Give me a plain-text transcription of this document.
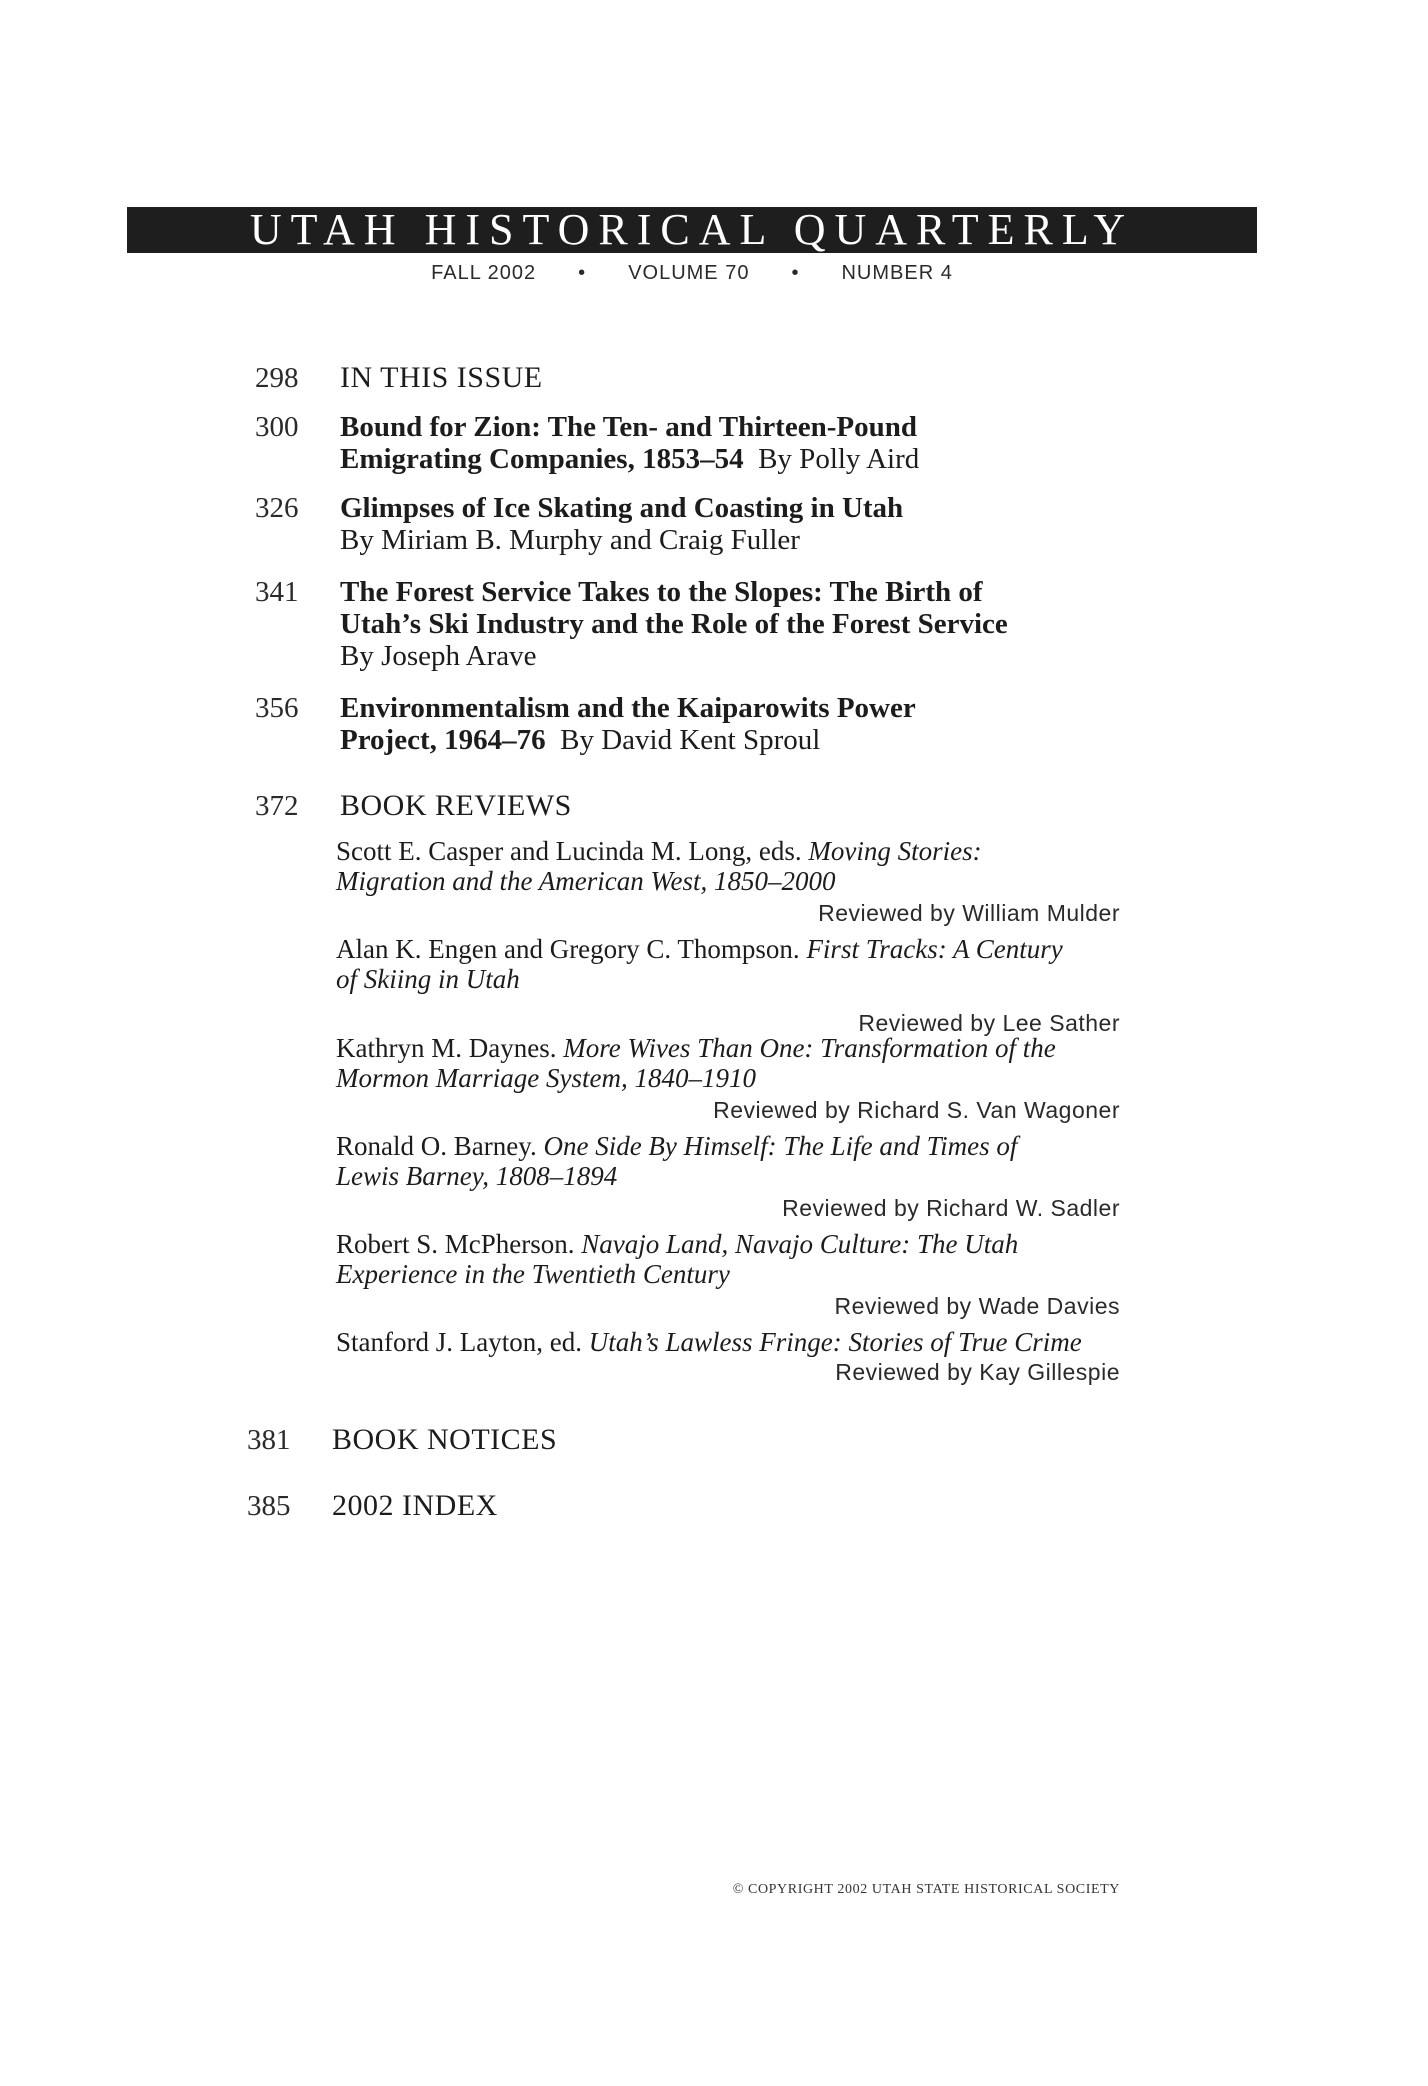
UTAH HISTORICAL QUARTERLY
FALL 2002 • VOLUME 70 • NUMBER 4
298 IN THIS ISSUE
300 Bound for Zion: The Ten- and Thirteen-Pound
Emigrating Companies, 1853–54 By Polly Aird
326 Glimpses of Ice Skating and Coasting in Utah
By Miriam B. Murphy and Craig Fuller
341 The Forest Service Takes to the Slopes: The Birth of
Utah’s Ski Industry and the Role of the Forest Service
By Joseph Arave
356 Environmentalism and the Kaiparowits Power
Project, 1964–76 By David Kent Sproul
372 BOOK REVIEWS
Scott E. Casper and Lucinda M. Long, eds. Moving Stories:
Migration and the American West, 1850–2000
Reviewed by William Mulder
Alan K. Engen and Gregory C. Thompson. First Tracks: A Century
of Skiing in Utah
Reviewed by Lee Sather
Kathryn M. Daynes. More Wives Than One: Transformation of the
Mormon Marriage System, 1840–1910
Reviewed by Richard S. Van Wagoner
Ronald O. Barney. One Side By Himself: The Life and Times of
Lewis Barney, 1808–1894
Reviewed by Richard W. Sadler
Robert S. McPherson. Navajo Land, Navajo Culture: The Utah
Experience in the Twentieth Century
Reviewed by Wade Davies
Stanford J. Layton, ed. Utah’s Lawless Fringe: Stories of True Crime
Reviewed by Kay Gillespie
381 BOOK NOTICES
385 2002 INDEX
© COPYRIGHT 2002 UTAH STATE HISTORICAL SOCIETY
